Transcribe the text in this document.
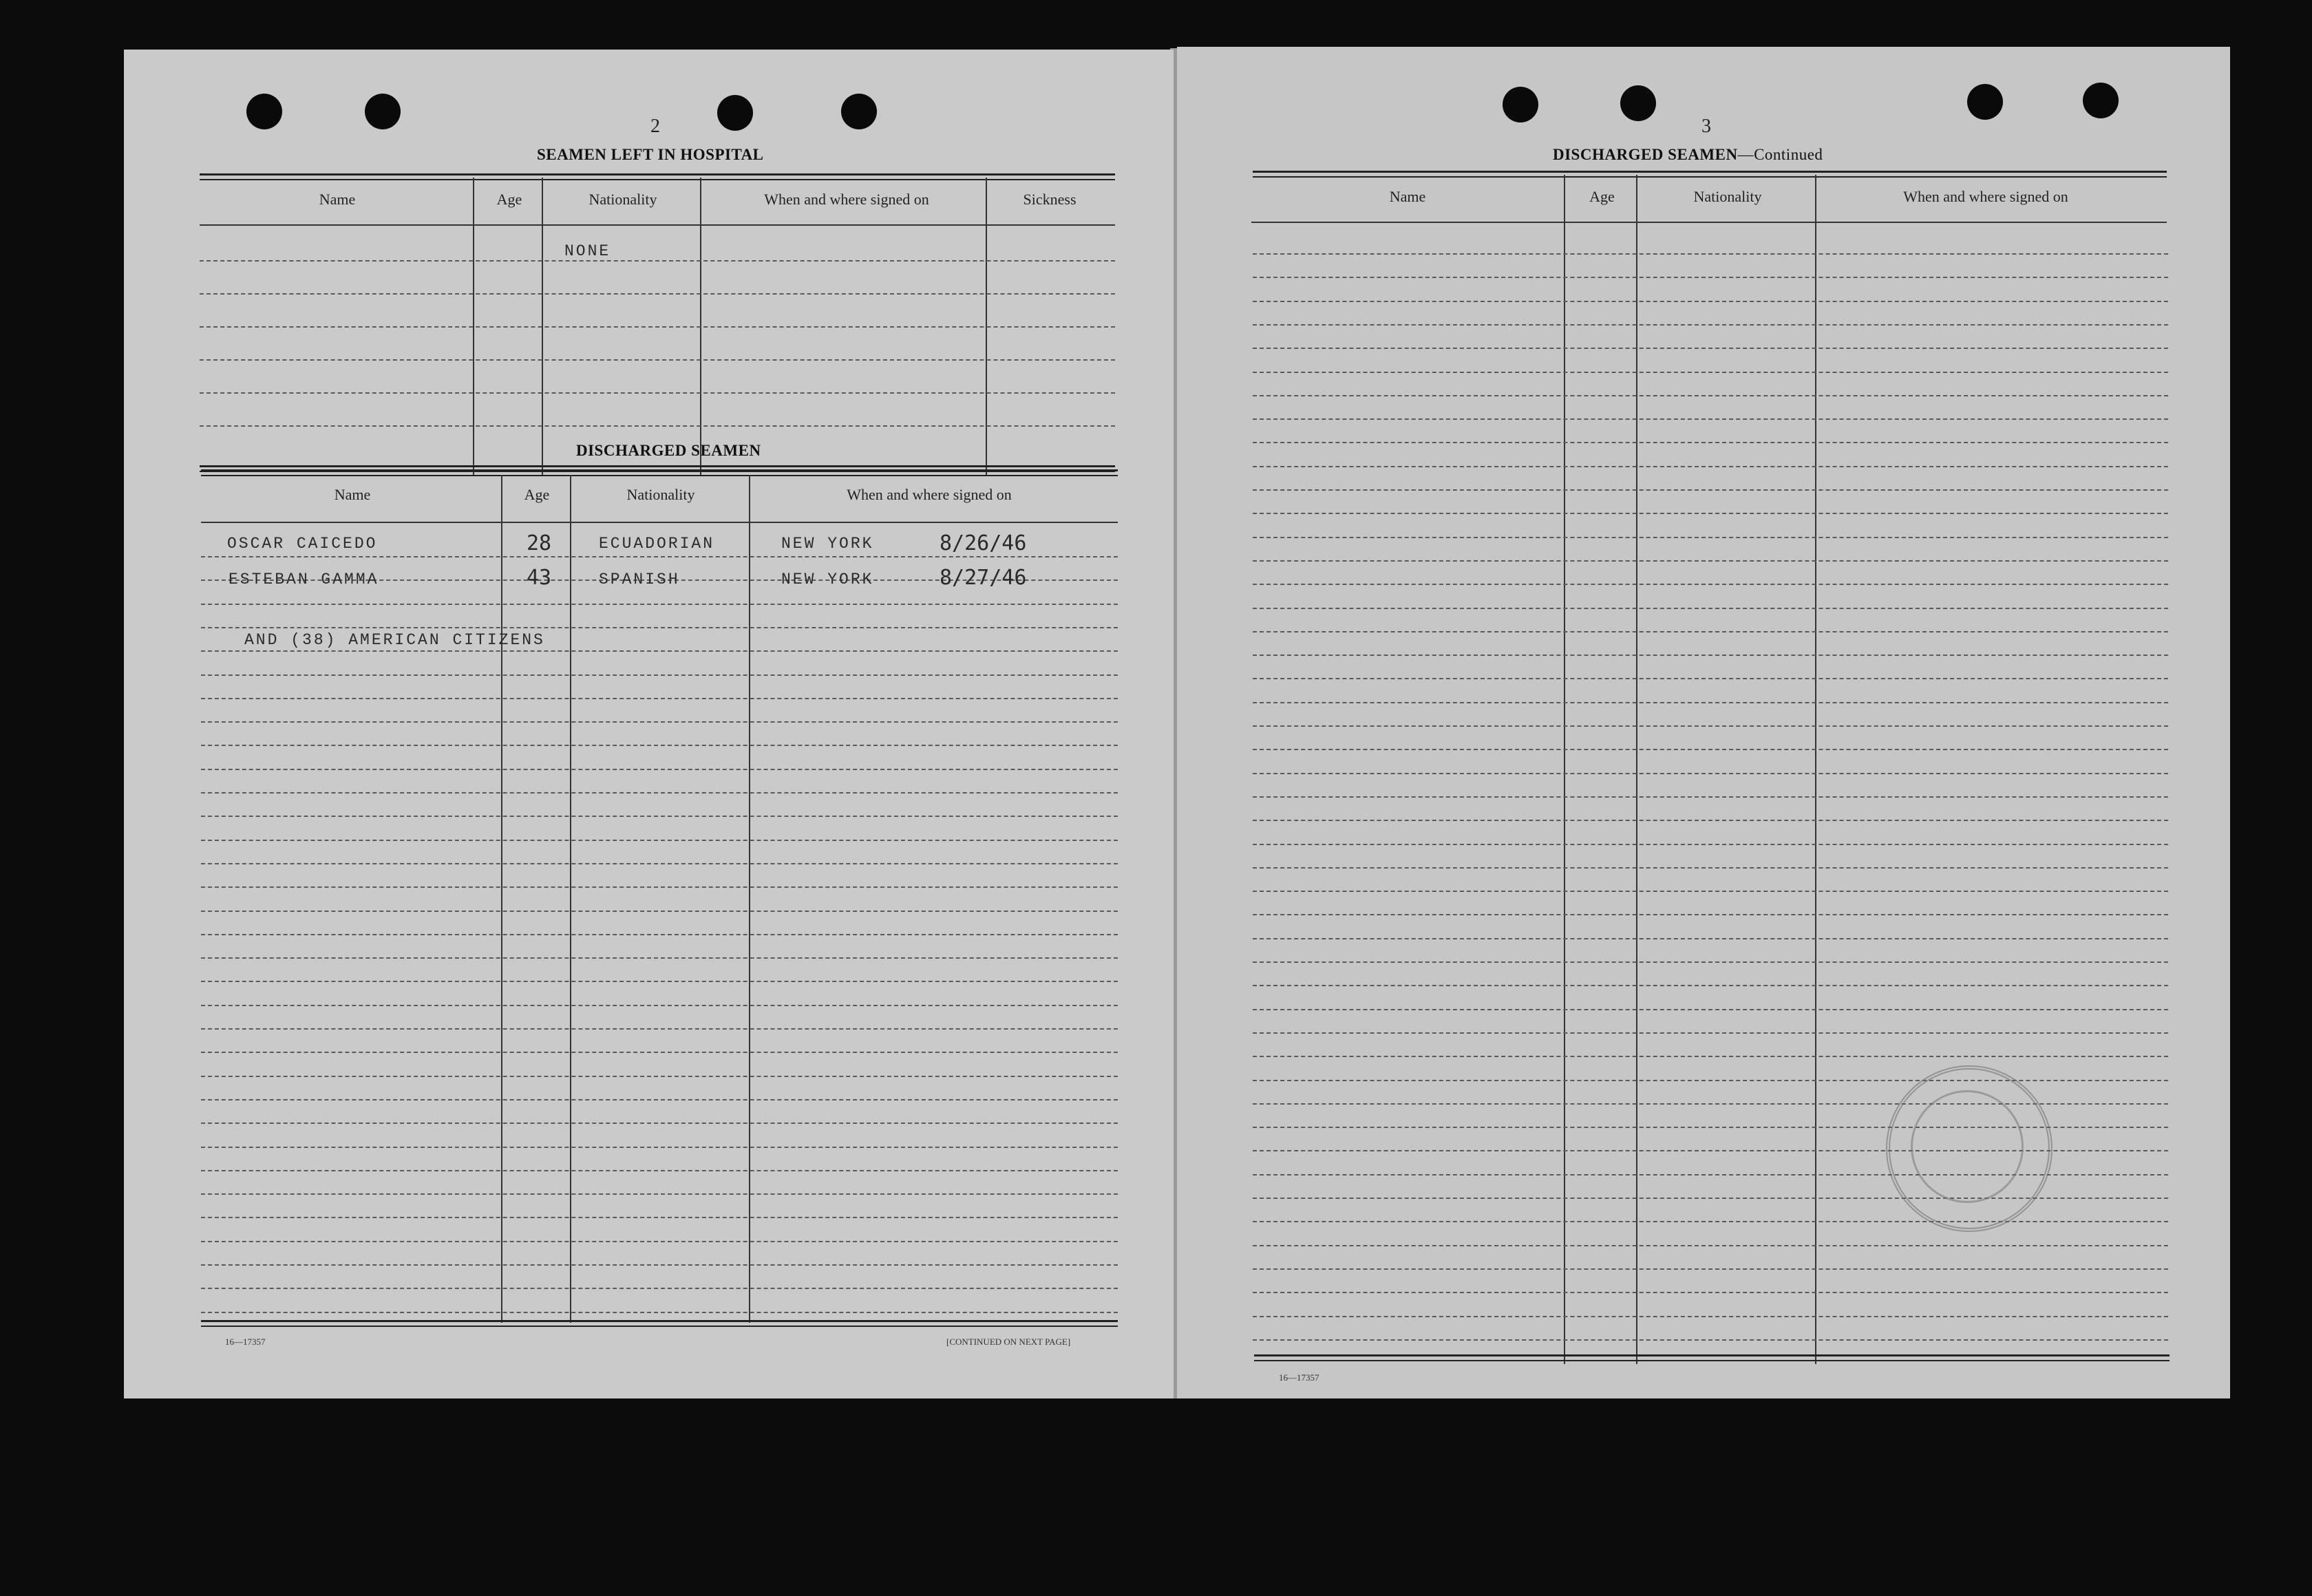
2
SEAMEN LEFT IN HOSPITAL
Name	Age	Nationality	When and where signed on	Sickness
NONE
DISCHARGED SEAMEN
Name	Age	Nationality	When and where signed on
OSCAR CAICEDO	28	ECUADORIAN	NEW YORK	8/26/46
ESTEBAN GAMMA	43	SPANISH	NEW YORK	8/27/46
AND (38) AMERICAN CITIZENS
16—17357	[CONTINUED ON NEXT PAGE]
3
DISCHARGED SEAMEN—Continued
Name	Age	Nationality	When and where signed on
16—17357
